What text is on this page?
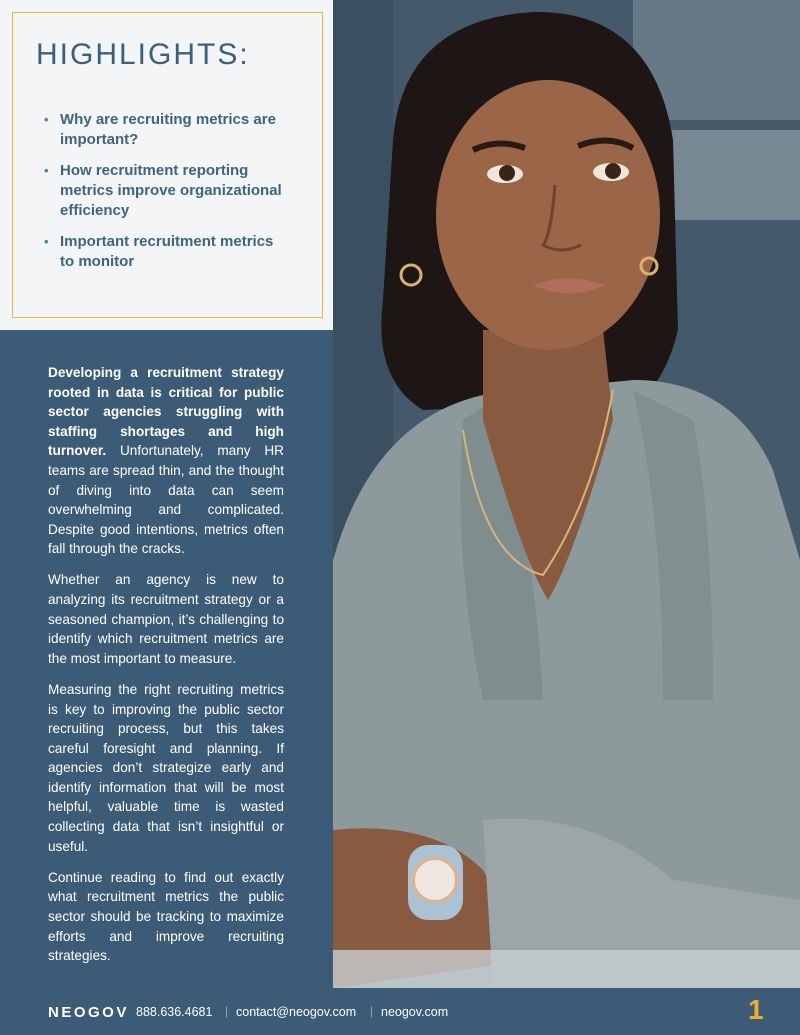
HIGHLIGHTS:
• Why are recruiting metrics are important?
• How recruitment reporting metrics improve organizational efficiency
• Important recruitment metrics to monitor

Developing a recruitment strategy rooted in data is critical for public sector agencies struggling with staffing shortages and high turnover. Unfortunately, many HR teams are spread thin, and the thought of diving into data can seem overwhelming and complicated. Despite good intentions, metrics often fall through the cracks.

Whether an agency is new to analyzing its recruitment strategy or a seasoned champion, it’s challenging to identify which recruitment metrics are the most important to measure.

Measuring the right recruiting metrics is key to improving the public sector recruiting process, but this takes careful foresight and planning. If agencies don’t strategize early and identify information that will be most helpful, valuable time is wasted collecting data that isn’t insightful or useful.

Continue reading to find out exactly what recruitment metrics the public sector should be tracking to maximize efforts and improve recruiting strategies.

NEOGOV 888.636.4681 | contact@neogov.com | neogov.com	1
